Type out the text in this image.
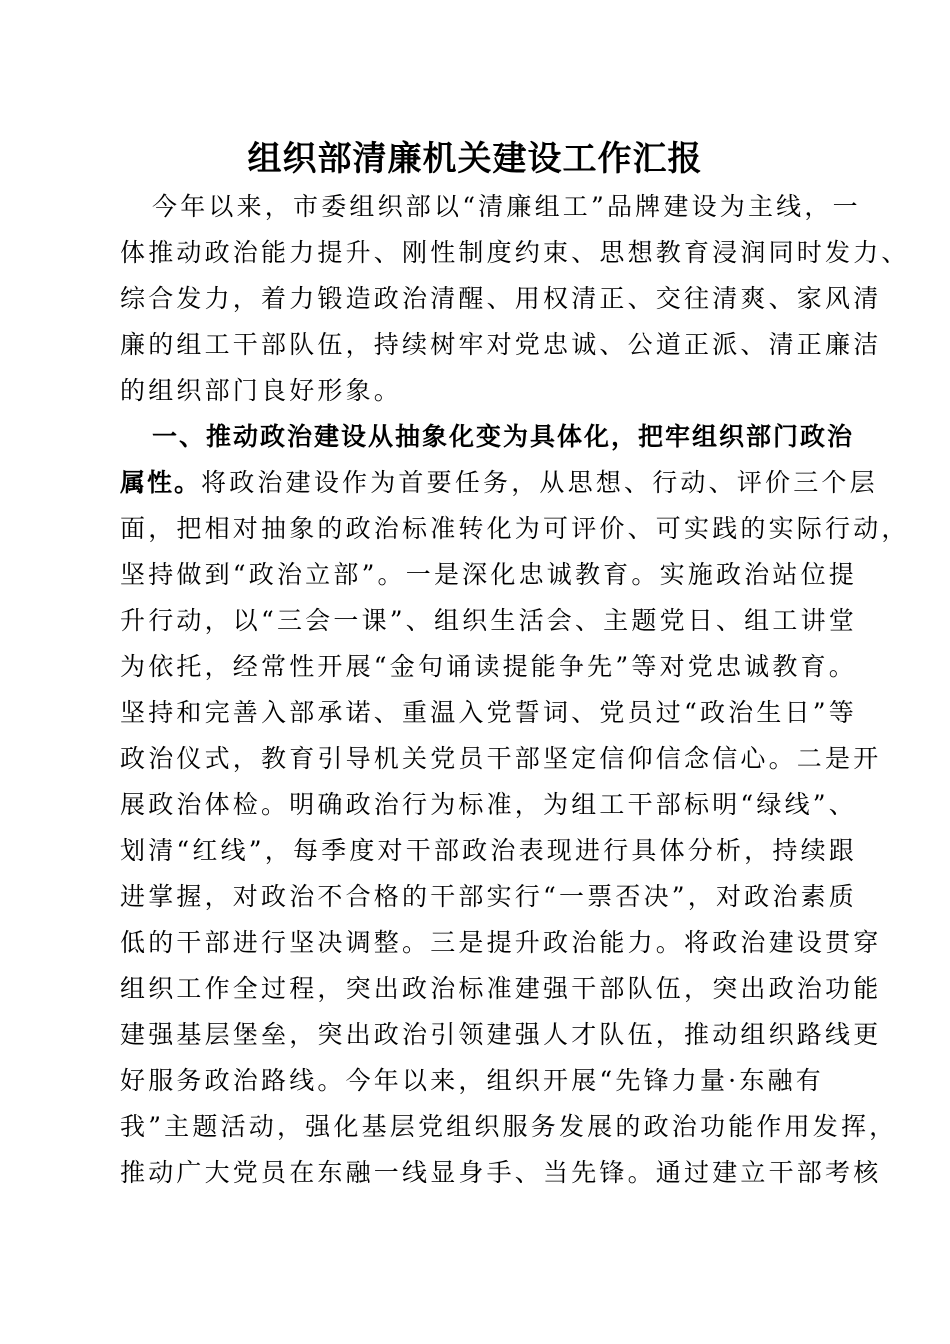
组织部清廉机关建设工作汇报
今年以来，市委组织部以“清廉组工”品牌建设为主线，一
体推动政治能力提升、刚性制度约束、思想教育浸润同时发力、
综合发力，着力锻造政治清醒、用权清正、交往清爽、家风清
廉的组工干部队伍，持续树牢对党忠诚、公道正派、清正廉洁
的组织部门良好形象。
一、推动政治建设从抽象化变为具体化，把牢组织部门政治
属性。将政治建设作为首要任务，从思想、行动、评价三个层
面，把相对抽象的政治标准转化为可评价、可实践的实际行动，
坚持做到“政治立部”。一是深化忠诚教育。实施政治站位提
升行动，以“三会一课”、组织生活会、主题党日、组工讲堂
为依托，经常性开展“金句诵读提能争先”等对党忠诚教育。
坚持和完善入部承诺、重温入党誓词、党员过“政治生日”等
政治仪式，教育引导机关党员干部坚定信仰信念信心。二是开
展政治体检。明确政治行为标准，为组工干部标明“绿线”、
划清“红线”，每季度对干部政治表现进行具体分析，持续跟
进掌握，对政治不合格的干部实行“一票否决”，对政治素质
低的干部进行坚决调整。三是提升政治能力。将政治建设贯穿
组织工作全过程，突出政治标准建强干部队伍，突出政治功能
建强基层堡垒，突出政治引领建强人才队伍，推动组织路线更
好服务政治路线。今年以来，组织开展“先锋力量·东融有
我”主题活动，强化基层党组织服务发展的政治功能作用发挥，
推动广大党员在东融一线显身手、当先锋。通过建立干部考核
